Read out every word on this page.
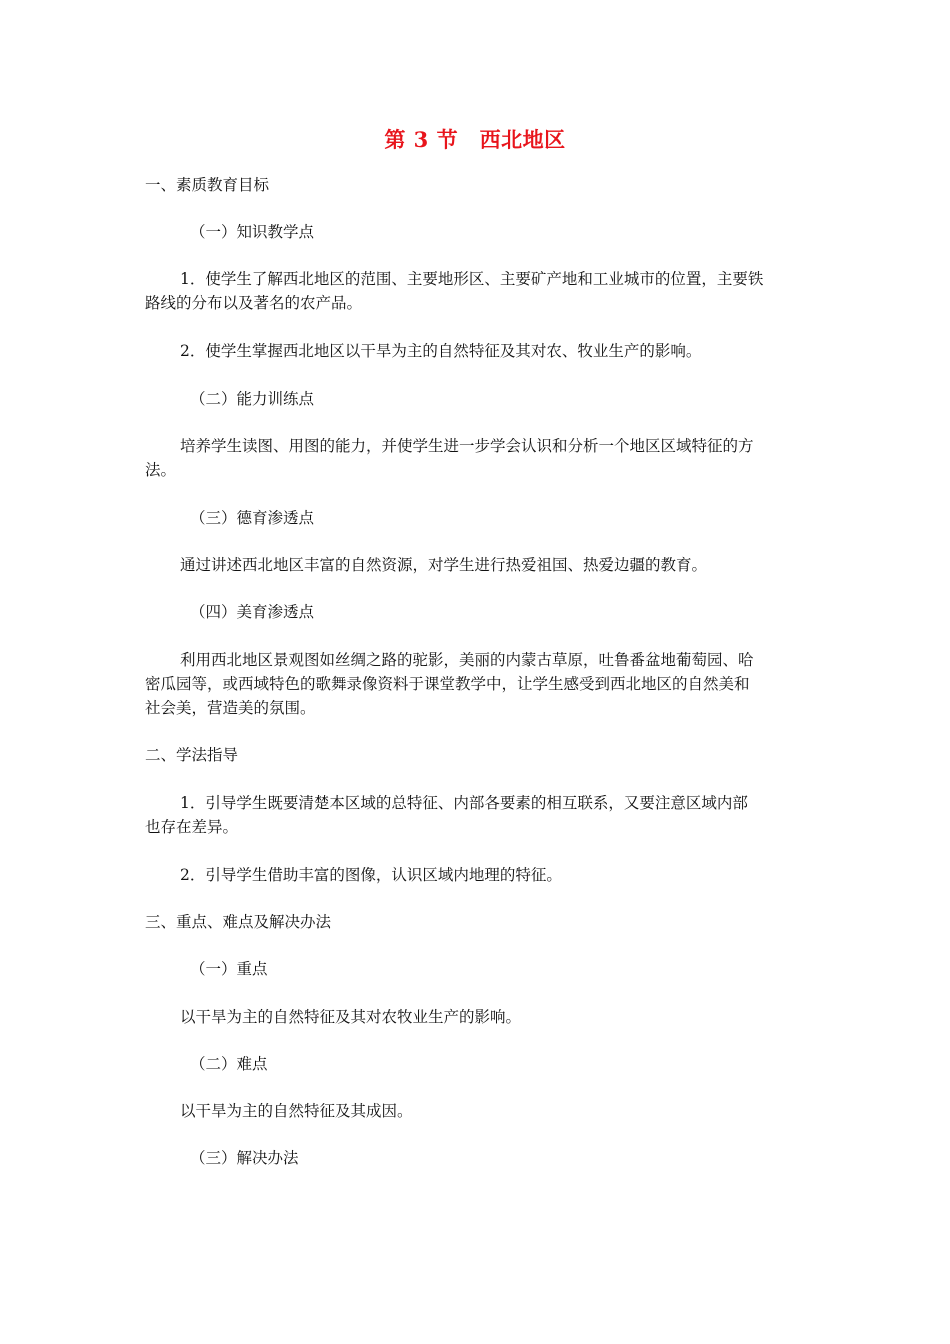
第 3 节　西北地区
一、素质教育目标
（一）知识教学点
1．使学生了解西北地区的范围、主要地形区、主要矿产地和工业城市的位置，主要铁
路线的分布以及著名的农产品。
2．使学生掌握西北地区以干旱为主的自然特征及其对农、牧业生产的影响。
（二）能力训练点
培养学生读图、用图的能力，并使学生进一步学会认识和分析一个地区区域特征的方
法。
（三）德育渗透点
通过讲述西北地区丰富的自然资源，对学生进行热爱祖国、热爱边疆的教育。
（四）美育渗透点
利用西北地区景观图如丝绸之路的驼影，美丽的内蒙古草原，吐鲁番盆地葡萄园、哈
密瓜园等，或西域特色的歌舞录像资料于课堂教学中，让学生感受到西北地区的自然美和
社会美，营造美的氛围。
二、学法指导
1．引导学生既要清楚本区域的总特征、内部各要素的相互联系，又要注意区域内部
也存在差异。
2．引导学生借助丰富的图像，认识区域内地理的特征。
三、重点、难点及解决办法
（一）重点
以干旱为主的自然特征及其对农牧业生产的影响。
（二）难点
以干旱为主的自然特征及其成因。
（三）解决办法
